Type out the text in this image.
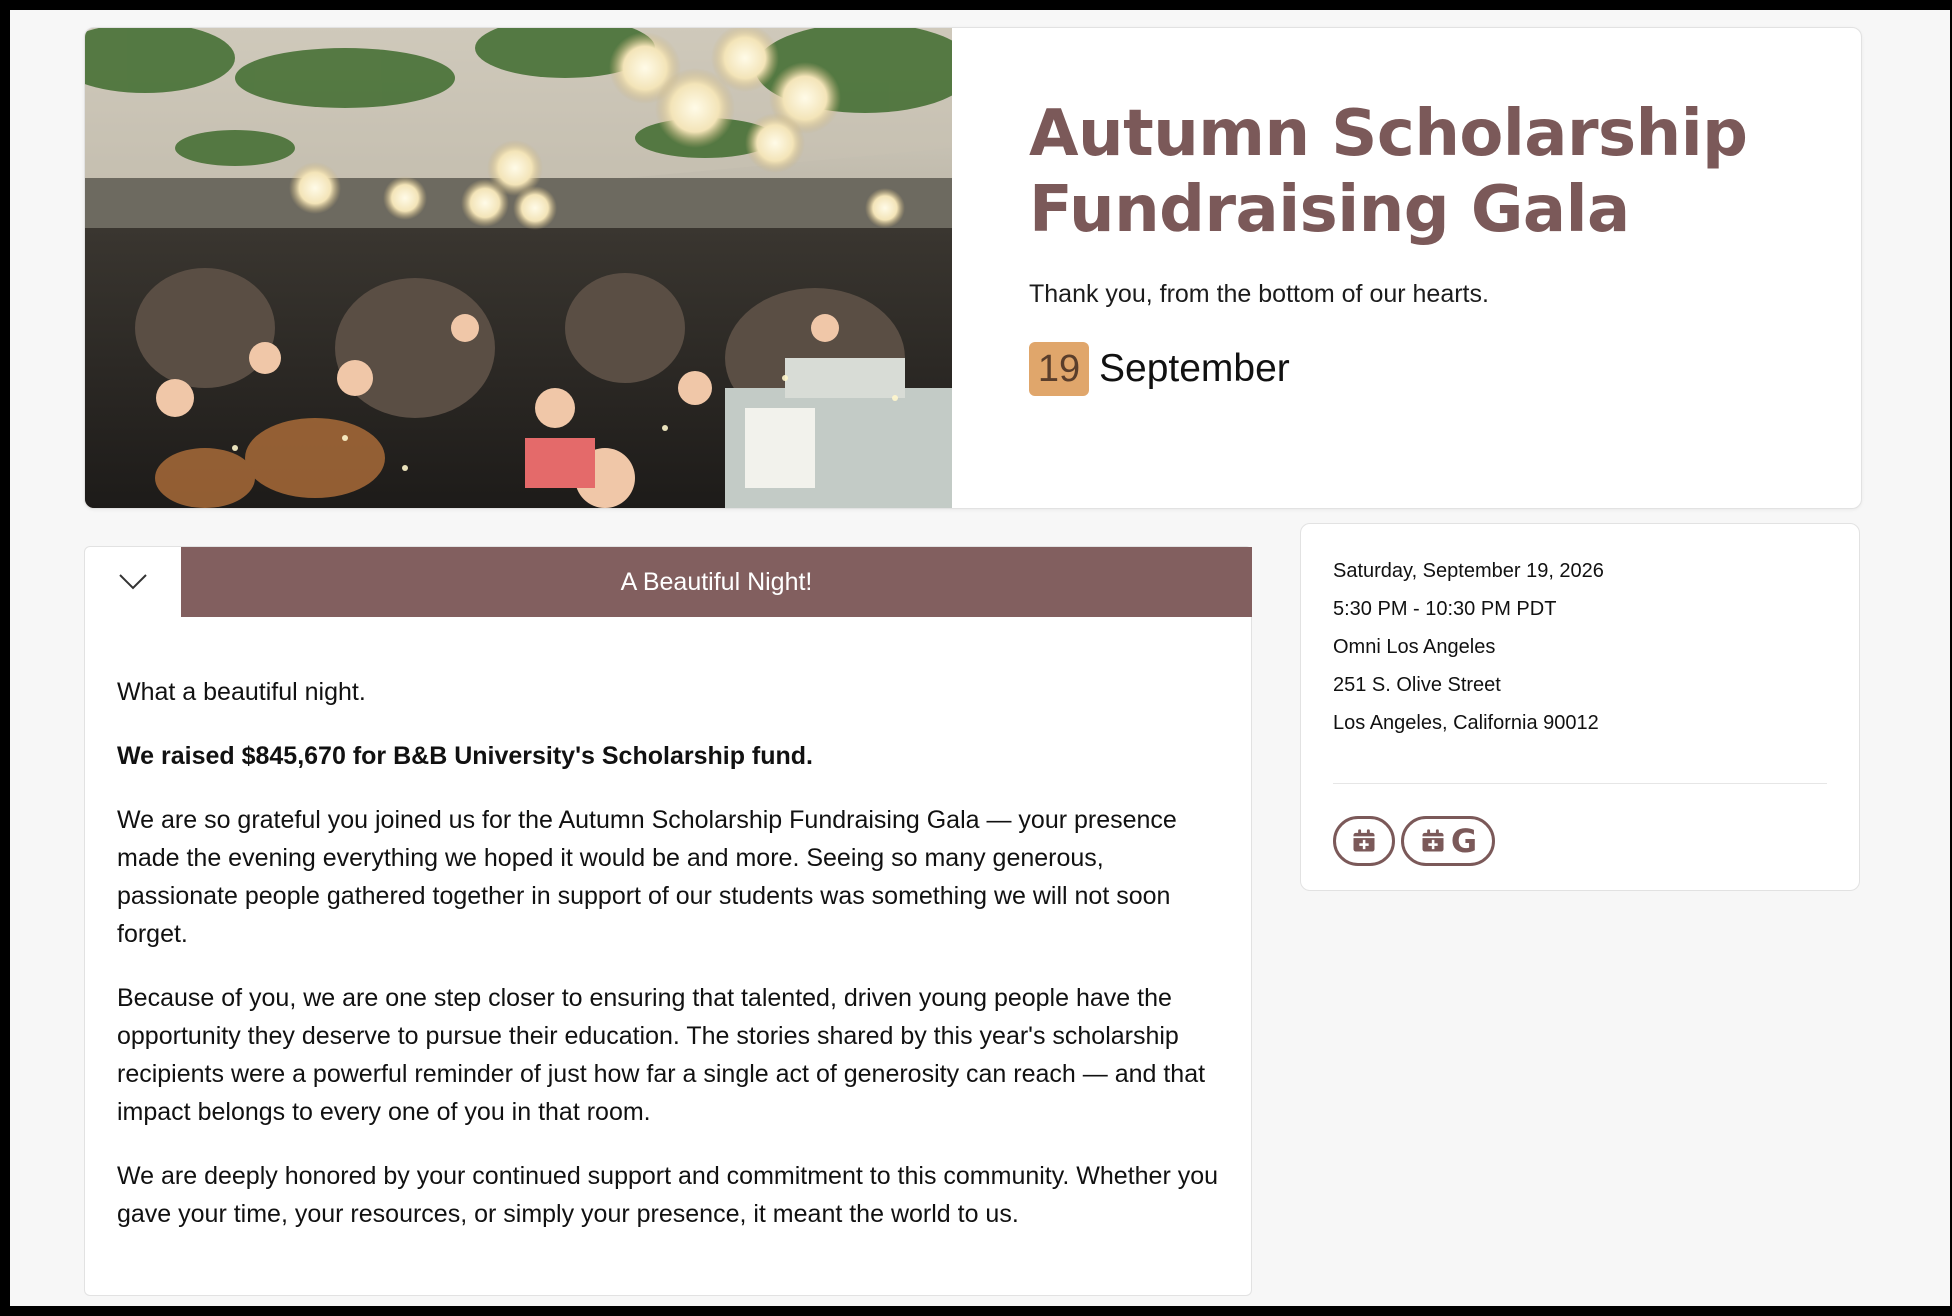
Autumn Scholarship Fundraising Gala
Thank you, from the bottom of our hearts.
19 September
A Beautiful Night!

What a beautiful night.

We raised $845,670 for B&B University's Scholarship fund.

We are so grateful you joined us for the Autumn Scholarship Fundraising Gala — your presence made the evening everything we hoped it would be and more. Seeing so many generous, passionate people gathered together in support of our students was something we will not soon forget.

Because of you, we are one step closer to ensuring that talented, driven young people have the opportunity they deserve to pursue their education. The stories shared by this year's scholarship recipients were a powerful reminder of just how far a single act of generosity can reach — and that impact belongs to every one of you in that room.

We are deeply honored by your continued support and commitment to this community. Whether you gave your time, your resources, or simply your presence, it meant the world to us.

Saturday, September 19, 2026
5:30 PM - 10:30 PM PDT
Omni Los Angeles
251 S. Olive Street
Los Angeles, California 90012
G
